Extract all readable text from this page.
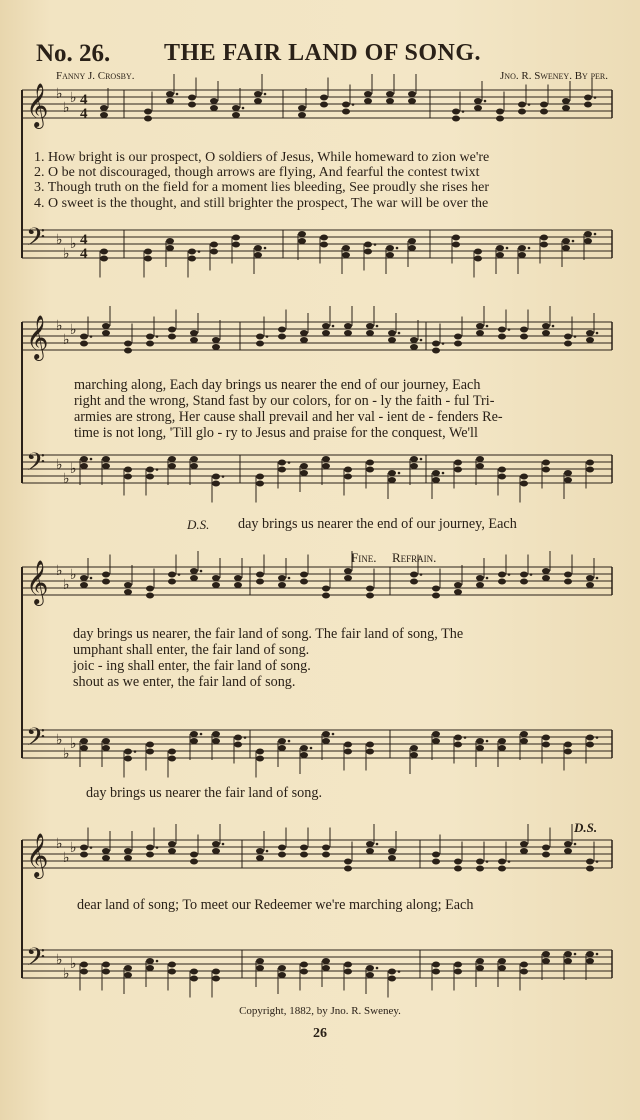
No. 26. THE FAIR LAND OF SONG.
Fanny J. Crosby.	Jno. R. Sweney. By per.
𝄞 ♭
♭
♭ 4
4
𝄢 ♭
♭
♭ 4
4
𝄞 ♭
♭
♭
𝄢 ♭
♭
♭
𝄞 ♭
♭
♭
𝄢 ♭
♭
♭
𝄞 ♭
♭
♭
𝄢 ♭
♭
♭
1. How bright is our prospect, O soldiers of Jesus, While homeward to zion we're
2. O be not discouraged, though arrows are flying, And fearful the contest twixt
3. Though truth on the field for a moment lies bleeding, See proudly she rises her
4. O sweet is the thought, and still brighter the prospect, The war will be over the
marching along, Each day brings us nearer the end of our journey, Each
right and the wrong, Stand fast by our colors, for on - ly the faith - ful Tri-
armies are strong, Her cause shall prevail and her val - ient de - fenders Re-
time is not long, 'Till glo - ry to Jesus and praise for the conquest, We'll
D.S. day brings us nearer the end of our journey, Each
Fine. Refrain.
day brings us nearer, the fair land of song. The fair land of song, The
umphant shall enter, the fair land of song.
joic - ing shall enter, the fair land of song.
shout as we enter, the fair land of song.
day brings us nearer the fair land of song.
D.S.
dear land of song; To meet our Redeemer we're marching along; Each
Copyright, 1882, by Jno. R. Sweney.
26
